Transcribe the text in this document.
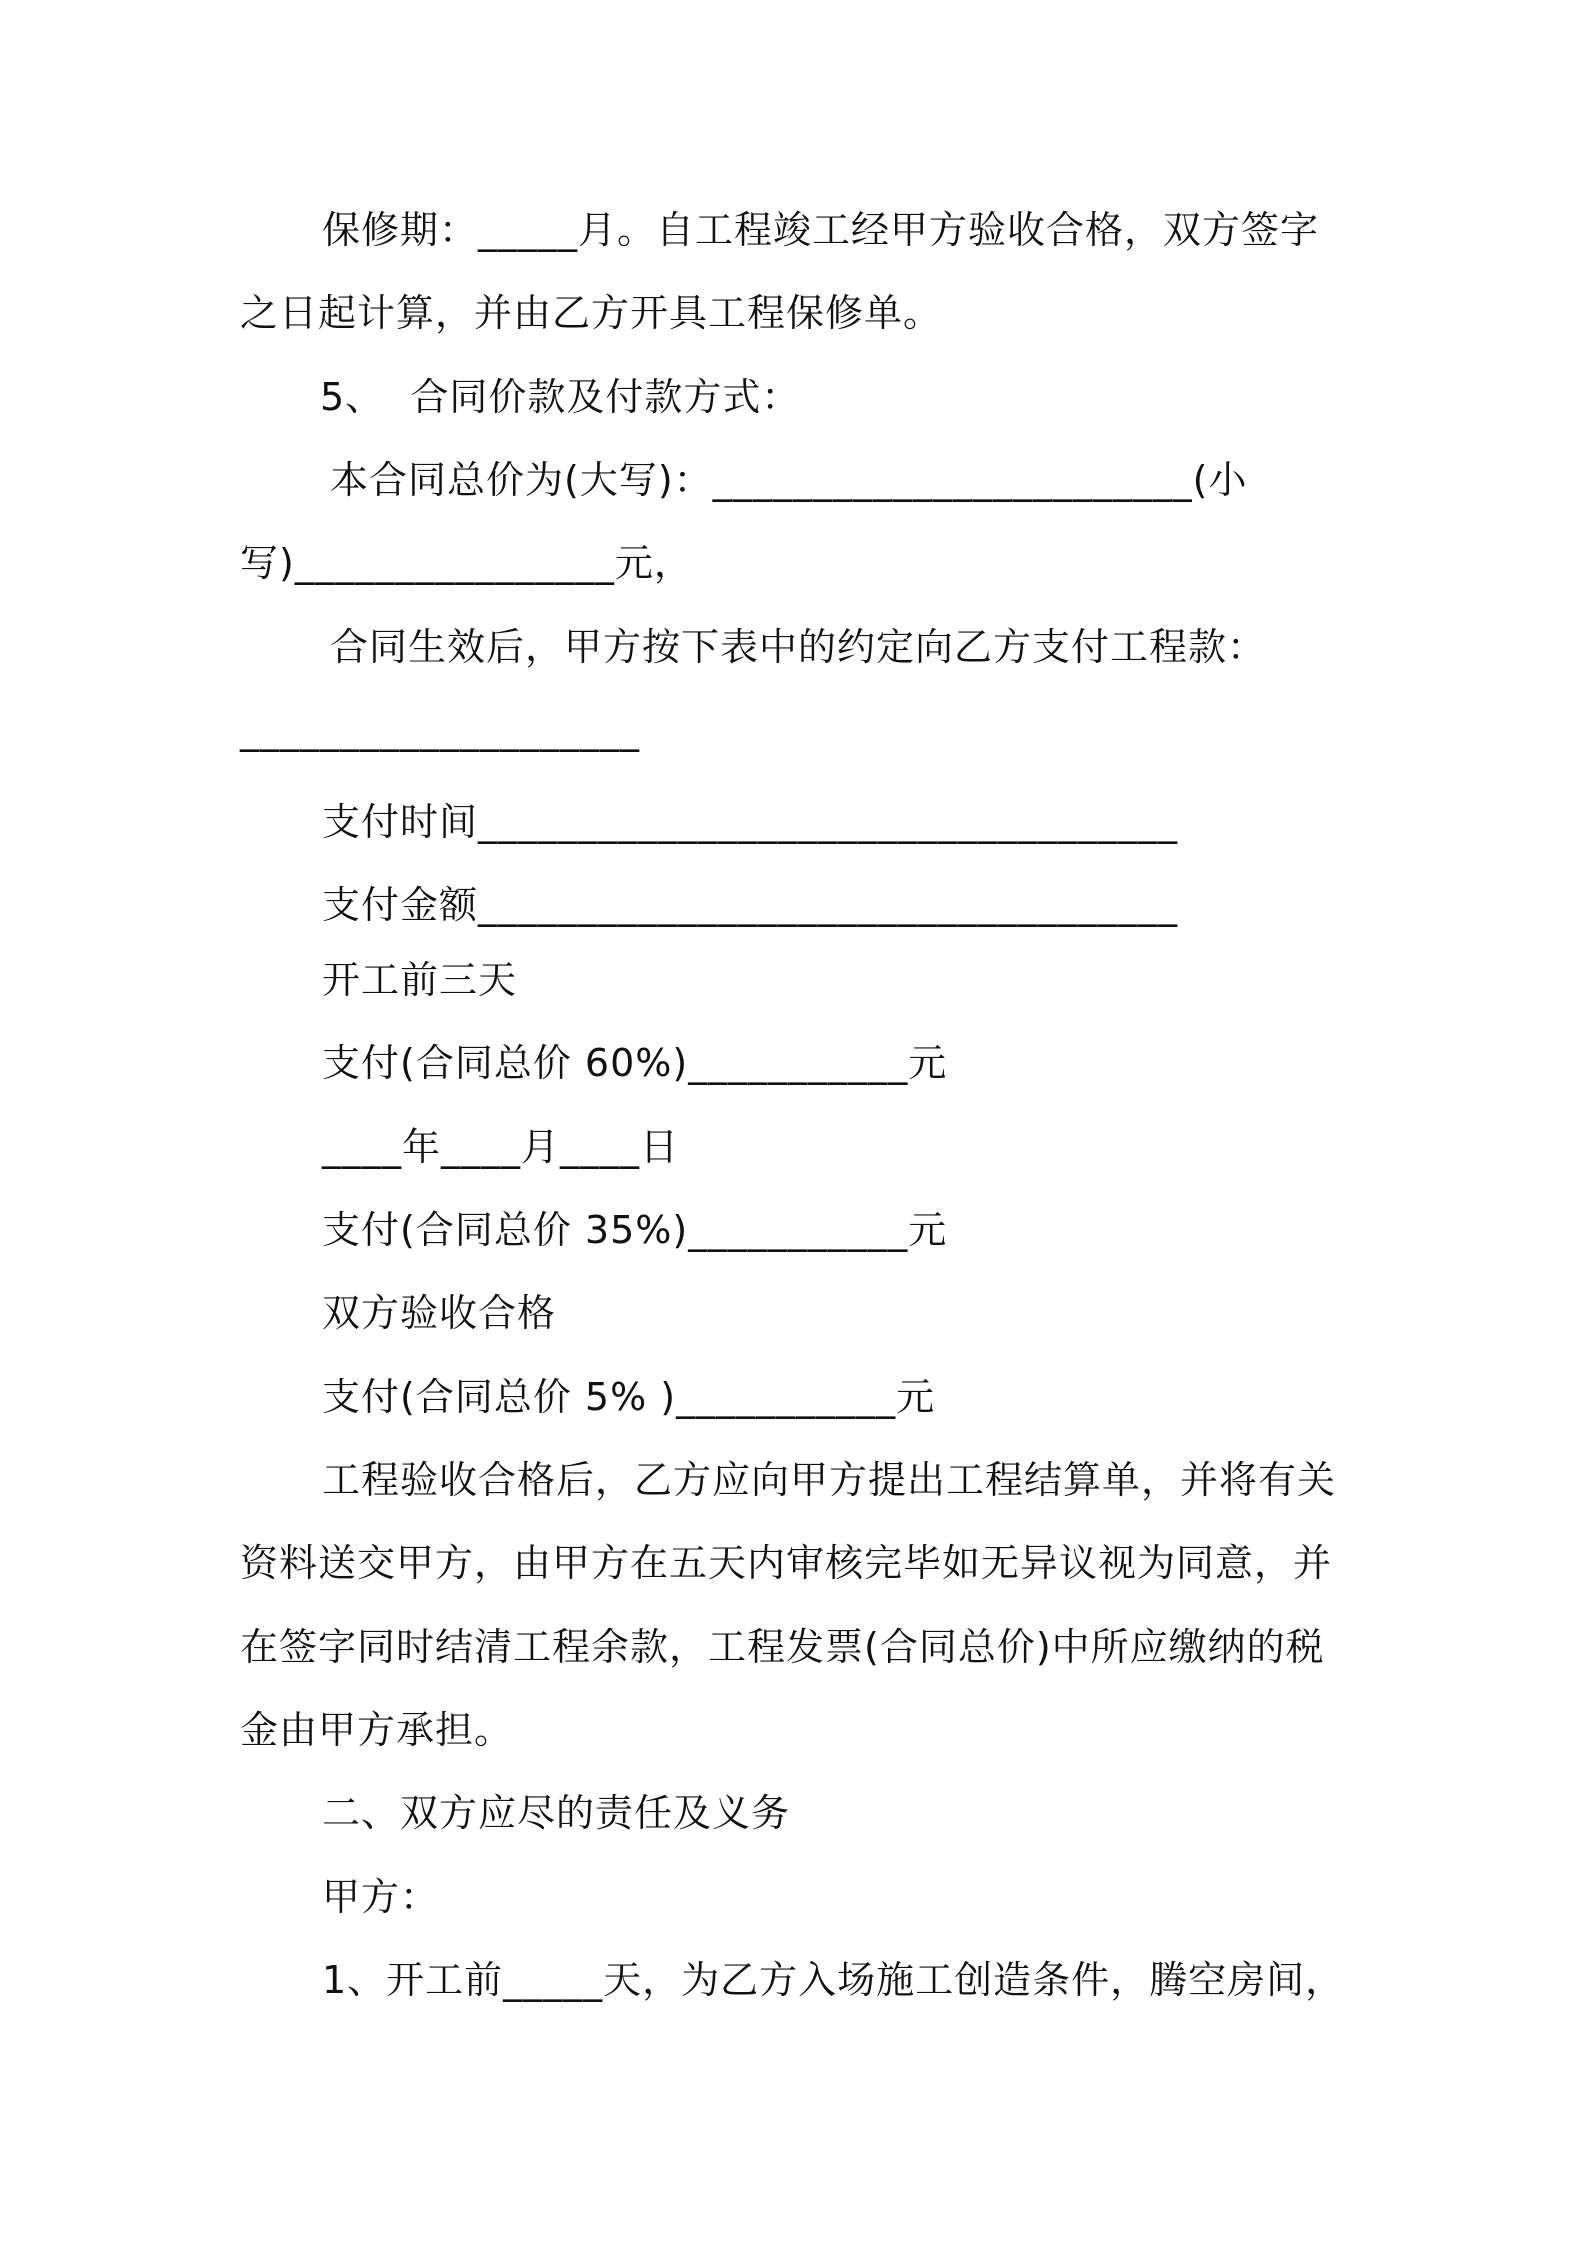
保修期：_____月。自工程竣工经甲方验收合格，双方签字
之日起计算，并由乙方开具工程保修单。
5、  合同价款及付款方式：
本合同总价为(大写)：________________________(小
写)________________元，
合同生效后，甲方按下表中的约定向乙方支付工程款：
____________________
支付时间___________________________________
支付金额___________________________________
开工前三天
支付(合同总价 60%)___________元
____年____月____日
支付(合同总价 35%)___________元
双方验收合格
支付(合同总价 5% )___________元
工程验收合格后，乙方应向甲方提出工程结算单，并将有关
资料送交甲方，由甲方在五天内审核完毕如无异议视为同意，并
在签字同时结清工程余款，工程发票(合同总价)中所应缴纳的税
金由甲方承担。
二、双方应尽的责任及义务
甲方：
1、开工前_____天，为乙方入场施工创造条件，腾空房间，
